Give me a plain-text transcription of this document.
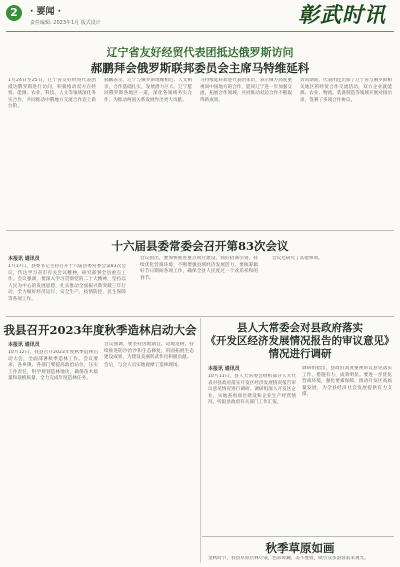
2	· 要闻 ·
责任编辑: 2023年1月 版式设计	彰武时讯
辽宁省友好经贸代表团抵达俄罗斯访问
郝鹏拜会俄罗斯联邦委员会主席马特维延科

1月24日至25日，辽宁省友好经贸代表团抵达俄罗斯进行访问，积极推动双方在经贸、能源、农业、科技、人文等领域深化务实合作，共同推动中俄地方交流合作迈上新台阶。

郝鹏表示，辽宁与俄罗斯地缘相近、人文相亲，合作基础扎实，发展潜力巨大。辽宁愿同俄罗斯各地区一道，深化各领域务实合作，为推动两国关系发展作出更大贡献。

马特维延科欢迎代表团来访，表示俄方高度重视同中国地方的合作，愿同辽宁进一步加强交流，拓展合作领域，共同推动双边合作不断取得新成果。

访问期间，代表团还出席了辽宁省与俄罗斯相关地区的经贸合作交流活动，双方企业就能源、农业、物流、装备制造等领域开展对接洽谈，签署了多项合作协议。

十六届县委常委会召开第83次会议
本报讯 通讯员

1月17日，县委书记主持召开十六届县委常委会第83次会议，传达学习省市有关会议精神，研究部署全县重点工作。会议强调，要深入学习贯彻党的二十大精神，坚持以人民为中心的发展思想，扎实推动全面振兴新突破三年行动，全力做好经济运行、安全生产、疫情防控、民生保障等各项工作。

会议指出，要加快推进重点项目建设，抓好招商引资，持续优化营商环境，不断增强县域经济发展活力。要统筹做好节日期间各项工作，确保全县人民度过一个欢乐祥和的春节。

会议还研究了其他事项。

我县召开2023年度秋季造林启动大会
本报讯 通讯员

10月12日，我县召开2023年度秋季造林启动大会，全面部署秋季造林工作。会议要求，各乡镇、各部门要提高政治站位，压实工作责任，科学规划造林地块，确保苗木质量和栽植质量，全力完成年度造林任务。

会议强调，要坚持因地制宜、适地适树，持续推进防沙治沙和生态修复，巩固拓展生态建设成果，为建设美丽彰武作出积极贡献。

会后，与会人员实地观摩了造林现场。

县人大常委会对县政府落实
《开发区经济发展情况报告的审议意见》
情况进行调研
本报讯 通讯员

10月11日，县人大常委会组织部分人大代表对县政府落实开发区经济发展情况报告审议意见情况进行调研。调研组深入开发区企业，实地查看项目建设和企业生产经营情况，听取县政府有关部门工作汇报。

调研组指出，县政府高度重视审议意见落实工作，措施有力，成效明显。要进一步优化营商环境，强化要素保障，推动开发区高质量发展，为全县经济社会发展提供有力支撑。

秋季草原如画

金秋时节，我县草原层林尽染，色彩斑斓，美不胜收，吸引众多游客前来观光。
